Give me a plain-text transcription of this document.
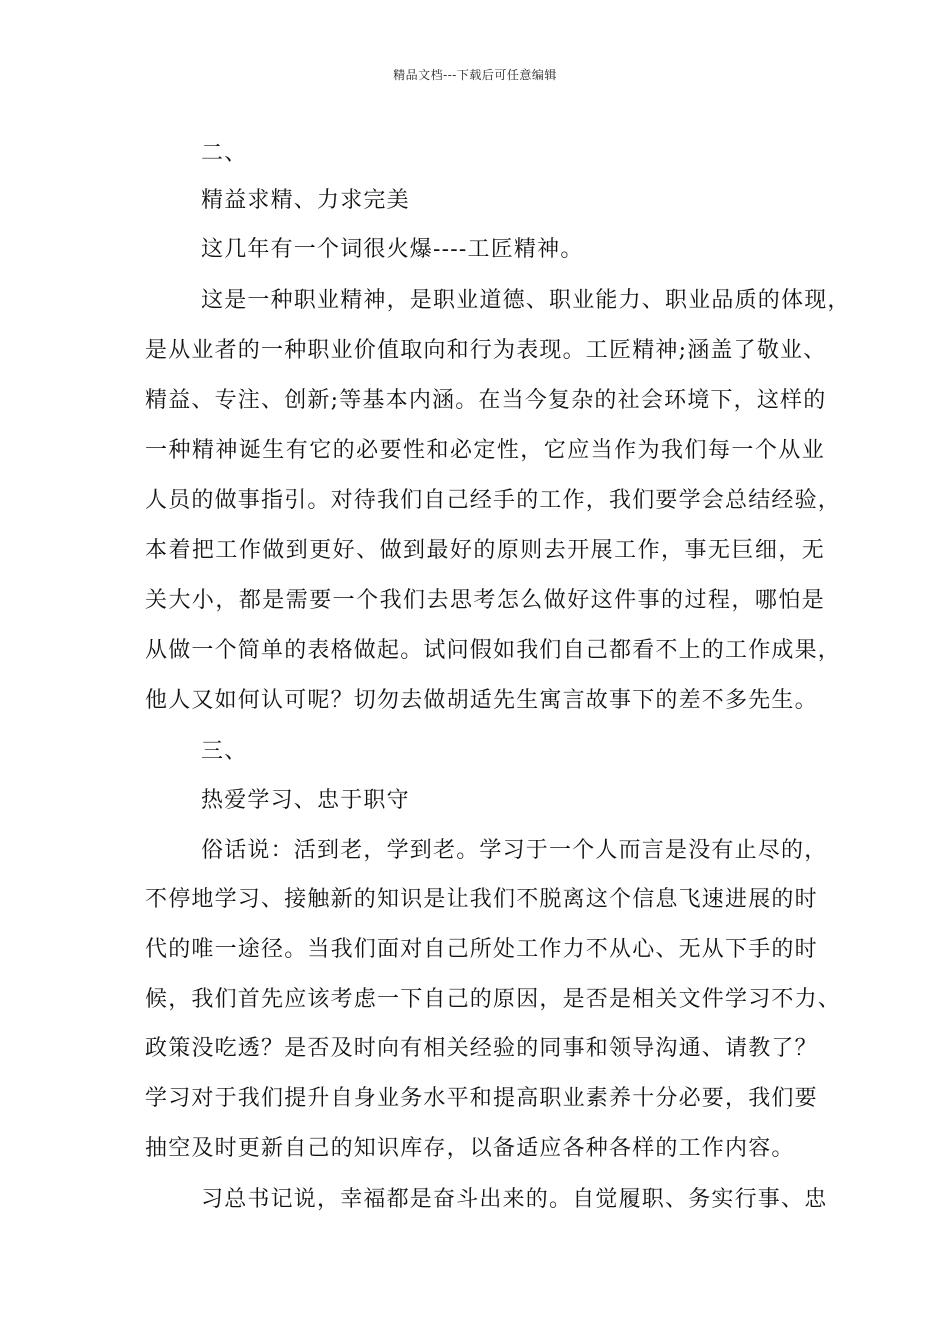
精品文档---下载后可任意编辑
二、
精益求精、力求完美
这几年有一个词很火爆----工匠精神。
这是一种职业精神，是职业道德、职业能力、职业品质的体现，
是从业者的一种职业价值取向和行为表现。工匠精神;涵盖了敬业、
精益、专注、创新;等基本内涵。在当今复杂的社会环境下，这样的
一种精神诞生有它的必要性和必定性，它应当作为我们每一个从业
人员的做事指引。对待我们自己经手的工作，我们要学会总结经验，
本着把工作做到更好、做到最好的原则去开展工作，事无巨细，无
关大小，都是需要一个我们去思考怎么做好这件事的过程，哪怕是
从做一个简单的表格做起。试问假如我们自己都看不上的工作成果，
他人又如何认可呢？切勿去做胡适先生寓言故事下的差不多先生。
三、
热爱学习、忠于职守
俗话说：活到老，学到老。学习于一个人而言是没有止尽的，
不停地学习、接触新的知识是让我们不脱离这个信息飞速进展的时
代的唯一途径。当我们面对自己所处工作力不从心、无从下手的时
候，我们首先应该考虑一下自己的原因，是否是相关文件学习不力、
政策没吃透？是否及时向有相关经验的同事和领导沟通、请教了？
学习对于我们提升自身业务水平和提高职业素养十分必要，我们要
抽空及时更新自己的知识库存，以备适应各种各样的工作内容。
习总书记说，幸福都是奋斗出来的。自觉履职、务实行事、忠
